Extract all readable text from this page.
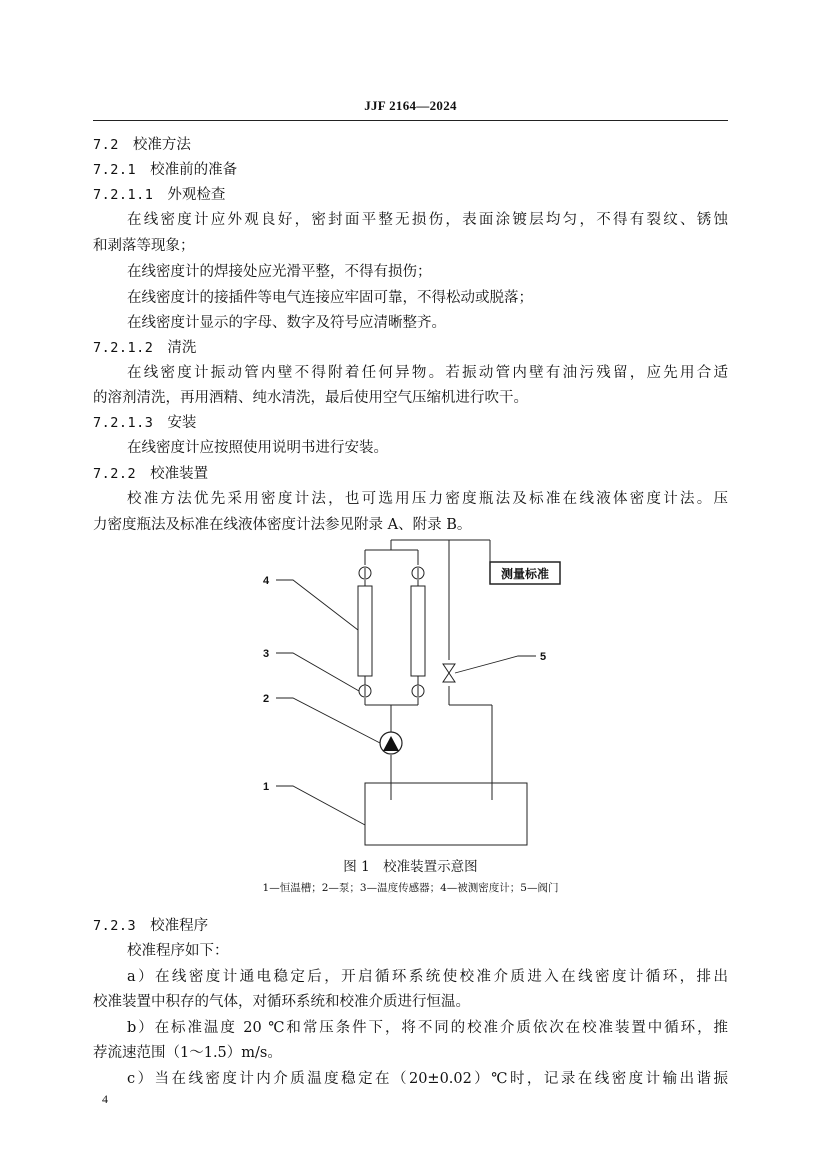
JJF 2164—2024
7.2 校准方法
7.2.1 校准前的准备
7.2.1.1 外观检查
在线密度计应外观良好，密封面平整无损伤，表面涂镀层均匀，不得有裂纹、锈蚀
和剥落等现象；
在线密度计的焊接处应光滑平整，不得有损伤；
在线密度计的接插件等电气连接应牢固可靠，不得松动或脱落；
在线密度计显示的字母、数字及符号应清晰整齐。
7.2.1.2 清洗
在线密度计振动管内壁不得附着任何异物。若振动管内壁有油污残留，应先用合适
的溶剂清洗，再用酒精、纯水清洗，最后使用空气压缩机进行吹干。
7.2.1.3 安装
在线密度计应按照使用说明书进行安装。
7.2.2 校准装置
校准方法优先采用密度计法，也可选用压力密度瓶法及标准在线液体密度计法。压
力密度瓶法及标准在线液体密度计法参见附录 A、附录 B。
测量标准
4
3
2
1
5
图 1　校准装置示意图
1—恒温槽；2—泵；3—温度传感器；4—被测密度计；5—阀门
7.2.3 校准程序
校准程序如下：
a）在线密度计通电稳定后，开启循环系统使校准介质进入在线密度计循环，排出
校准装置中积存的气体，对循环系统和校准介质进行恒温。
b）在标准温度 20 ℃和常压条件下，将不同的校准介质依次在校准装置中循环，推
荐流速范围（1～1.5）m/s。
c）当在线密度计内介质温度稳定在（20±0.02）℃时，记录在线密度计输出谐振
4
